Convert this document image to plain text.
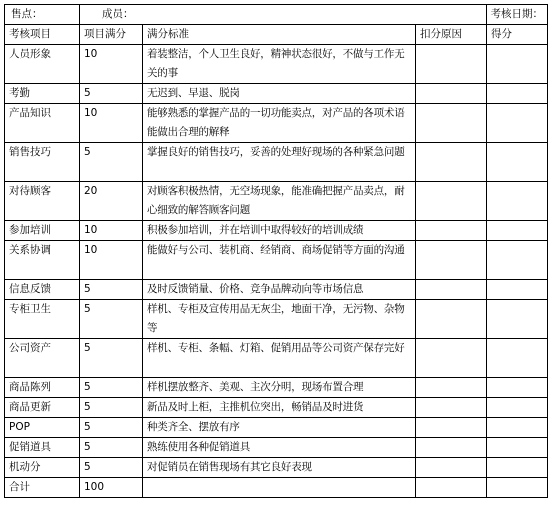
售点：	成员：			考核日期：
考核项目	项目满分	满分标准	扣分原因	得分
人员形象	10	着装整洁，个人卫生良好，精神状态很好，不做与工作无关的事		
考勤	5	无迟到、早退、脱岗		
产品知识	10	能够熟悉的掌握产品的一切功能卖点，对产品的各项术语能做出合理的解释		
销售技巧	5	掌握良好的销售技巧，妥善的处理好现场的各种紧急问题		
对待顾客	20	对顾客积极热情，无空场现象，能准确把握产品卖点，耐心细致的解答顾客问题		
参加培训	10	积极参加培训，并在培训中取得较好的培训成绩		
关系协调	10	能做好与公司、装机商、经销商、商场促销等方面的沟通		
信息反馈	5	及时反馈销量、价格、竞争品牌动向等市场信息		
专柜卫生	5	样机、专柜及宣传用品无灰尘，地面干净，无污物、杂物等		
公司资产	5	样机、专柜、条幅、灯箱、促销用品等公司资产保存完好		
商品陈列	5	样机摆放整齐、美观、主次分明，现场布置合理		
商品更新	5	新品及时上柜，主推机位突出，畅销品及时进货		
POP	5	种类齐全、摆放有序		
促销道具	5	熟练使用各种促销道具		
机动分	5	对促销员在销售现场有其它良好表现		
合计	100			
